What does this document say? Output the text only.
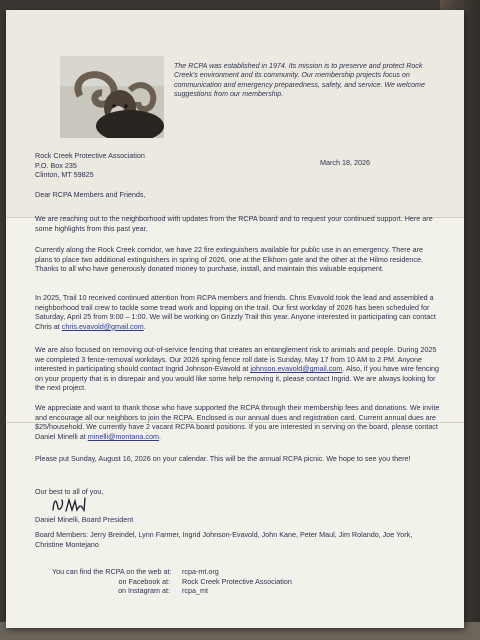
The RCPA was established in 1974. Its mission is to preserve and protect Rock Creek's environment and its community. Our membership projects focus on communication and emergency preparedness, safety, and service. We welcome suggestions from our membership.
Rock Creek Protective Association
P.O. Box 235
Clinton, MT 59825
March 18, 2026
Dear RCPA Members and Friends,
We are reaching out to the neighborhood with updates from the RCPA board and to request your continued support. Here are some highlights from this past year.
Currently along the Rock Creek corridor, we have 22 fire extinguishers available for public use in an emergency. There are plans to place two additional extinguishers in spring of 2026, one at the Elkhorn gate and the other at the Hilmo residence. Thanks to all who have generously donated money to purchase, install, and maintain this valuable equipment.
In 2025, Trail 10 received continued attention from RCPA members and friends. Chris Evavold took the lead and assembled a neighborhood trail crew to tackle some tread work and lopping on the trail. Our first workday of 2026 has been scheduled for Saturday, April 25 from 9:00 – 1:00. We will be working on Grizzly Trail this year. Anyone interested in participating can contact Chris at chris.evavold@gmail.com.
We are also focused on removing out-of-service fencing that creates an entanglement risk to animals and people. During 2025 we completed 3 fence-removal workdays. Our 2026 spring fence roll date is Sunday, May 17 from 10 AM to 2 PM. Anyone interested in participating should contact Ingrid Johnson-Evavold at johnson.evavold@gmail.com. Also, if you have wire fencing on your property that is in disrepair and you would like some help removing it, please contact Ingrid. We are always looking for the next project.
We appreciate and want to thank those who have supported the RCPA through their membership fees and donations. We invite and encourage all our neighbors to join the RCPA. Enclosed is our annual dues and registration card. Current annual dues are $25/household. We currently have 2 vacant RCPA board positions. If you are interested in serving on the board, please contact Daniel Minelli at minelli@montana.com.
Please put Sunday, August 16, 2026 on your calendar. This will be the annual RCPA picnic. We hope to see you there!
Our best to all of you,
Daniel Minelli, Board President
Board Members: Jerry Breindel, Lynn Farmer, Ingrid Johnson-Evavold, John Kane, Peter Maul, Jim Rolando, Joe York, Christine Montejano
You can find the RCPA on the web at:	rcpa-mt.org
on Facebook at:	Rock Creek Protective Association
on Instagram at:	rcpa_mt
